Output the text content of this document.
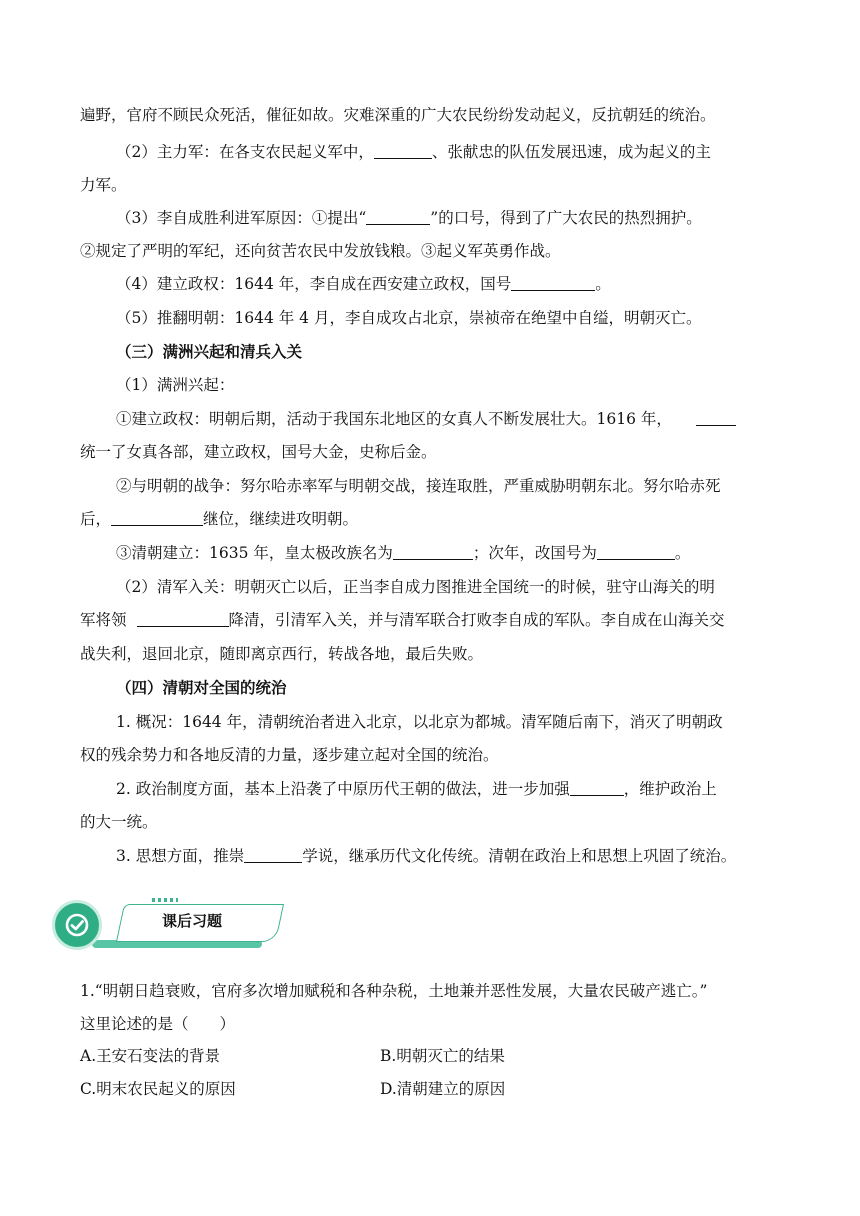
遍野，官府不顾民众死活，催征如故。灾难深重的广大农民纷纷发动起义，反抗朝廷的统治。
（2）主力军：在各支农民起义军中，	、张献忠的队伍发展迅速，成为起义的主
力军。
（3）李自成胜利进军原因：①提出“	”的口号，得到了广大农民的热烈拥护。
②规定了严明的军纪，还向贫苦农民中发放钱粮。③起义军英勇作战。
（4）建立政权：1644 年，李自成在西安建立政权，国号	。
（5）推翻明朝：1644 年 4 月，李自成攻占北京，崇祯帝在绝望中自缢，明朝灭亡。
（三）满洲兴起和清兵入关
（1）满洲兴起：
①建立政权：明朝后期，活动于我国东北地区的女真人不断发展壮大。1616 年，
统一了女真各部，建立政权，国号大金，史称后金。
②与明朝的战争：努尔哈赤率军与明朝交战，接连取胜，严重威胁明朝东北。努尔哈赤死
后，	继位，继续进攻明朝。
③清朝建立：1635 年，皇太极改族名为	；次年，改国号为	。
（2）清军入关：明朝灭亡以后，正当李自成力图推进全国统一的时候，驻守山海关的明
军将领	降清，引清军入关，并与清军联合打败李自成的军队。李自成在山海关交
战失利，退回北京，随即离京西行，转战各地，最后失败。
（四）清朝对全国的统治
1. 概况：1644 年，清朝统治者进入北京，以北京为都城。清军随后南下，消灭了明朝政
权的残余势力和各地反清的力量，逐步建立起对全国的统治。
2. 政治制度方面，基本上沿袭了中原历代王朝的做法，进一步加强	，维护政治上
的大一统。
3. 思想方面，推崇	学说，继承历代文化传统。清朝在政治上和思想上巩固了统治。
课后习题
1.“明朝日趋衰败，官府多次增加赋税和各种杂税，土地兼并恶性发展，大量农民破产逃亡。”
这里论述的是（　　）
A.王安石变法的背景	B.明朝灭亡的结果
C.明末农民起义的原因	D.清朝建立的原因
